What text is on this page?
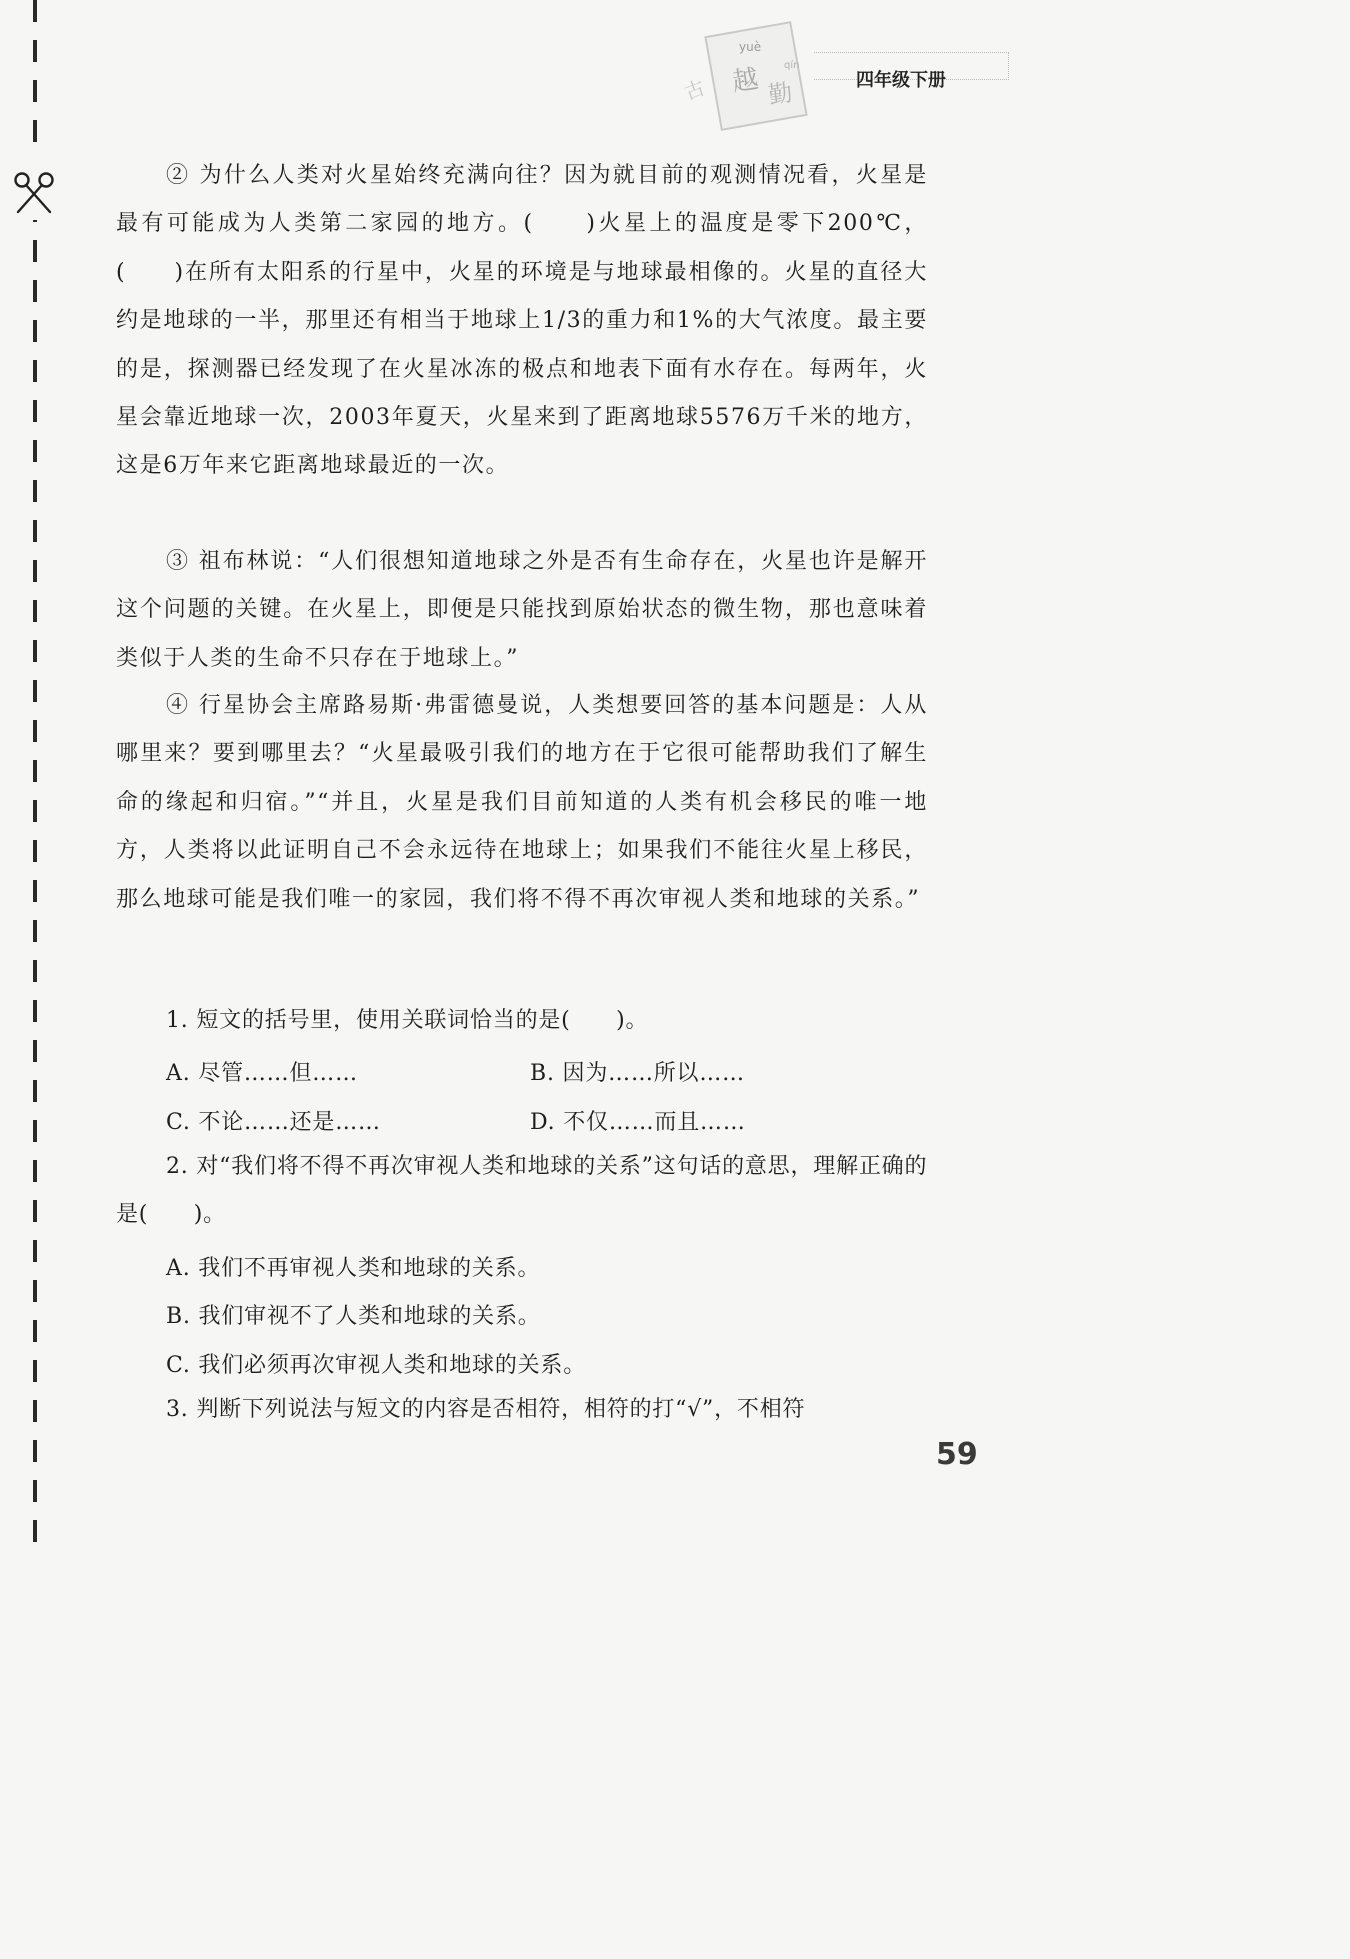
古
yuè
qín
越 勤	四年级下册

② 为什么人类对火星始终充满向往？因为就目前的观测情况看，火星是最有可能成为人类第二家园的地方。(　　)火星上的温度是零下200℃，(　　)在所有太阳系的行星中，火星的环境是与地球最相像的。火星的直径大约是地球的一半，那里还有相当于地球上1/3的重力和1%的大气浓度。最主要的是，探测器已经发现了在火星冰冻的极点和地表下面有水存在。每两年，火星会靠近地球一次，2003年夏天，火星来到了距离地球5576万千米的地方，这是6万年来它距离地球最近的一次。

③ 祖布林说：“人们很想知道地球之外是否有生命存在，火星也许是解开这个问题的关键。在火星上，即便是只能找到原始状态的微生物，那也意味着类似于人类的生命不只存在于地球上。”

④ 行星协会主席路易斯·弗雷德曼说，人类想要回答的基本问题是：人从哪里来？要到哪里去？“火星最吸引我们的地方在于它很可能帮助我们了解生命的缘起和归宿。”“并且，火星是我们目前知道的人类有机会移民的唯一地方，人类将以此证明自己不会永远待在地球上；如果我们不能往火星上移民，那么地球可能是我们唯一的家园，我们将不得不再次审视人类和地球的关系。”

1. 短文的括号里，使用关联词恰当的是(　　)。

A. 尽管……但……	B. 因为……所以……

C. 不论……还是……	D. 不仅……而且……

2. 对“我们将不得不再次审视人类和地球的关系”这句话的意思，理解正确的是(　　)。

A. 我们不再审视人类和地球的关系。

B. 我们审视不了人类和地球的关系。

C. 我们必须再次审视人类和地球的关系。

3. 判断下列说法与短文的内容是否相符，相符的打“√”，不相符

59
